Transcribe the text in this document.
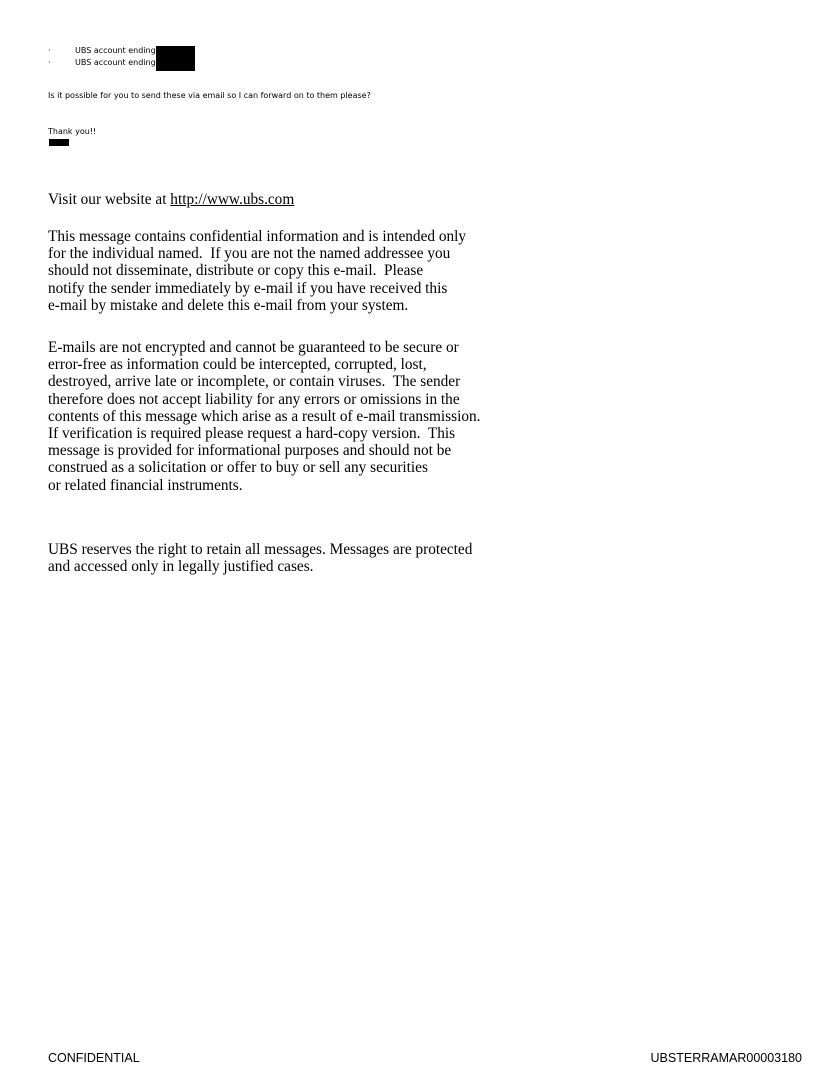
·	UBS account ending
·	UBS account ending
Is it possible for you to send these via email so I can forward on to them please?
Thank you!!
Visit our website at http://www.ubs.com
This message contains confidential information and is intended only
for the individual named.  If you are not the named addressee you
should not disseminate, distribute or copy this e-mail.  Please
notify the sender immediately by e-mail if you have received this
e-mail by mistake and delete this e-mail from your system.
E-mails are not encrypted and cannot be guaranteed to be secure or
error-free as information could be intercepted, corrupted, lost,
destroyed, arrive late or incomplete, or contain viruses.  The sender
therefore does not accept liability for any errors or omissions in the
contents of this message which arise as a result of e-mail transmission.
If verification is required please request a hard-copy version.  This
message is provided for informational purposes and should not be
construed as a solicitation or offer to buy or sell any securities
or related financial instruments.
UBS reserves the right to retain all messages. Messages are protected
and accessed only in legally justified cases.
CONFIDENTIAL	UBSTERRAMAR00003180
